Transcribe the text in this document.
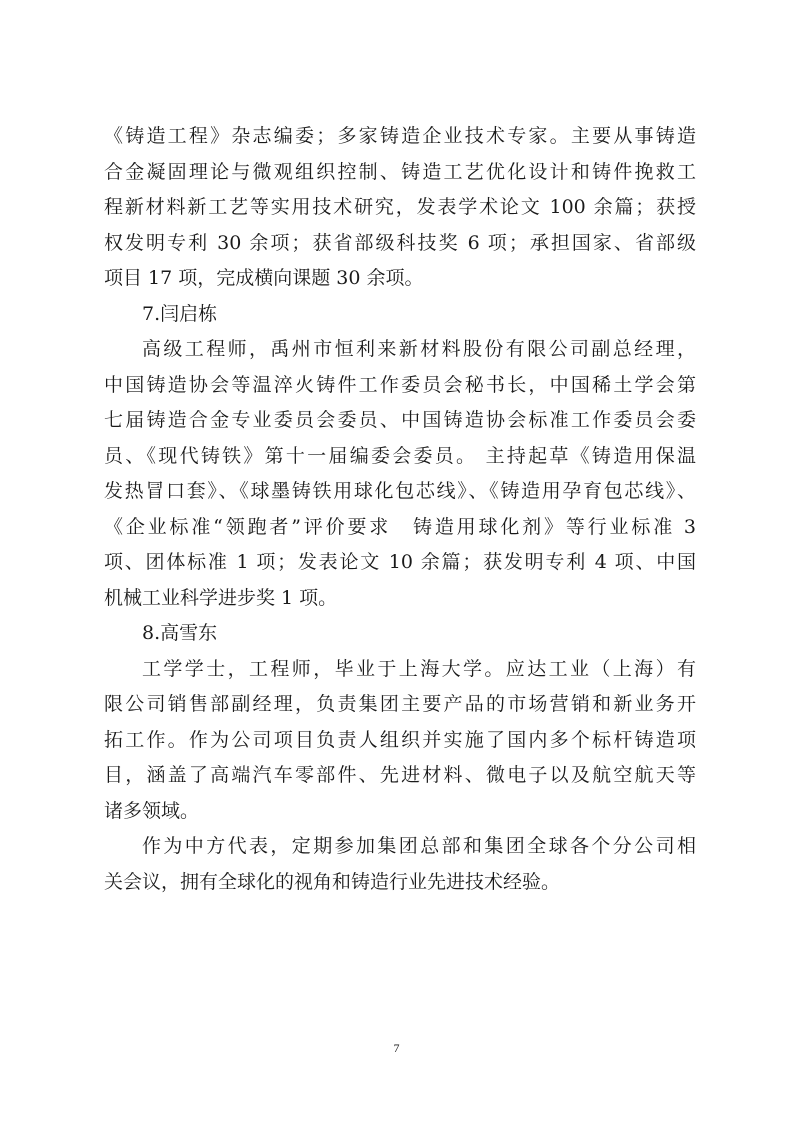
《铸造工程》杂志编委；多家铸造企业技术专家。主要从事铸造
合金凝固理论与微观组织控制、铸造工艺优化设计和铸件挽救工
程新材料新工艺等实用技术研究，发表学术论文 100 余篇；获授
权发明专利 30 余项；获省部级科技奖 6 项；承担国家、省部级
项目 17 项，完成横向课题 30 余项。
7.闫启栋
高级工程师，禹州市恒利来新材料股份有限公司副总经理，
中国铸造协会等温淬火铸件工作委员会秘书长，中国稀土学会第
七届铸造合金专业委员会委员、中国铸造协会标准工作委员会委
员、《现代铸铁》第十一届编委会委员。 主持起草《铸造用保温
发热冒口套》、《球墨铸铁用球化包芯线》、《铸造用孕育包芯线》、
《企业标准“领跑者”评价要求　铸造用球化剂》等行业标准 3
项、团体标准 1 项；发表论文 10 余篇；获发明专利 4 项、中国
机械工业科学进步奖 1 项。
8.高雪东
工学学士，工程师，毕业于上海大学。应达工业（上海）有
限公司销售部副经理，负责集团主要产品的市场营销和新业务开
拓工作。作为公司项目负责人组织并实施了国内多个标杆铸造项
目，涵盖了高端汽车零部件、先进材料、微电子以及航空航天等
诸多领域。
作为中方代表，定期参加集团总部和集团全球各个分公司相
关会议，拥有全球化的视角和铸造行业先进技术经验。
7
